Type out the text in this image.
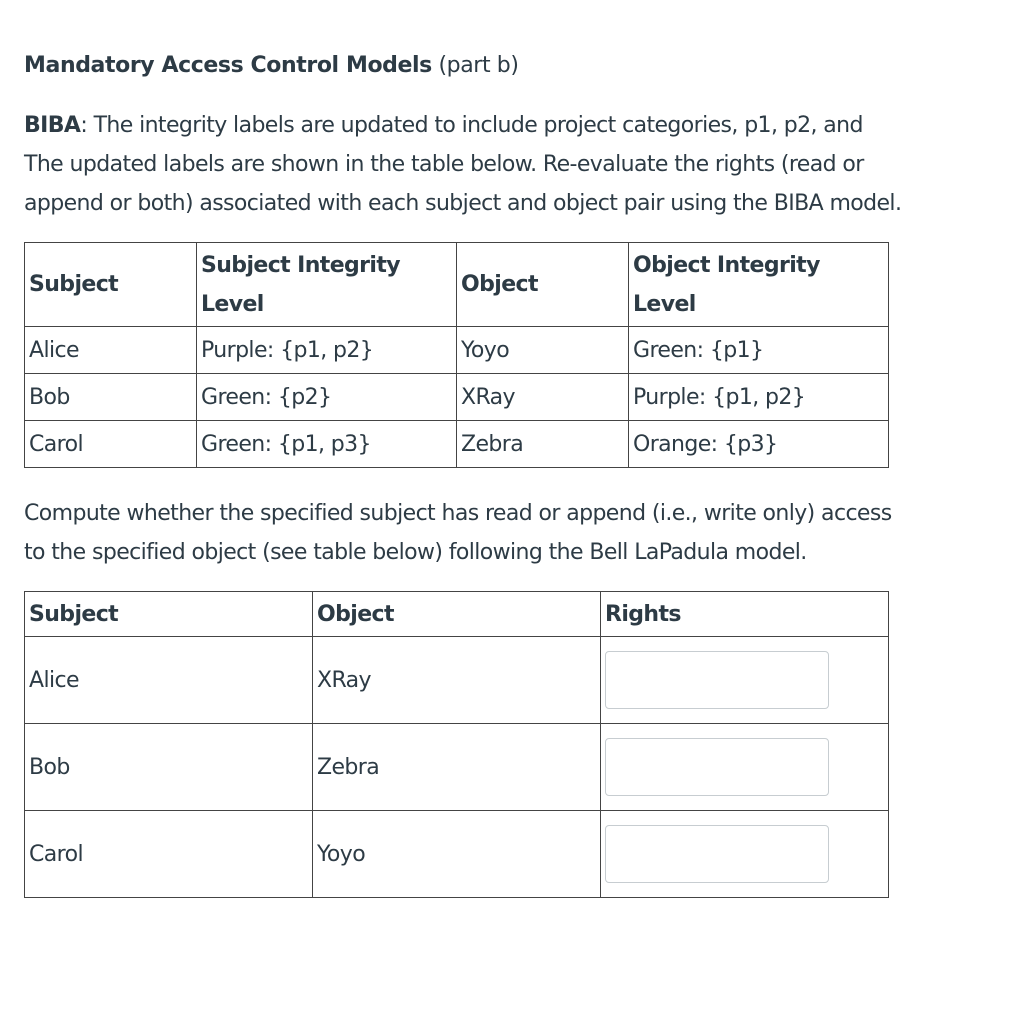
Mandatory Access Control Models (part b)

BIBA: The integrity labels are updated to include project categories, p1, p2, and
The updated labels are shown in the table below. Re-evaluate the rights (read or
append or both) associated with each subject and object pair using the BIBA model.

Subject	Subject Integrity Level	Object	Object Integrity Level
Alice	Purple: {p1, p2}	Yoyo	Green: {p1}
Bob	Green: {p2}	XRay	Purple: {p1, p2}
Carol	Green: {p1, p3}	Zebra	Orange: {p3}

Compute whether the specified subject has read or append (i.e., write only) access
to the specified object (see table below) following the Bell LaPadula model.

Subject	Object	Rights
Alice	XRay	

Bob	Zebra	

Carol	Yoyo	
